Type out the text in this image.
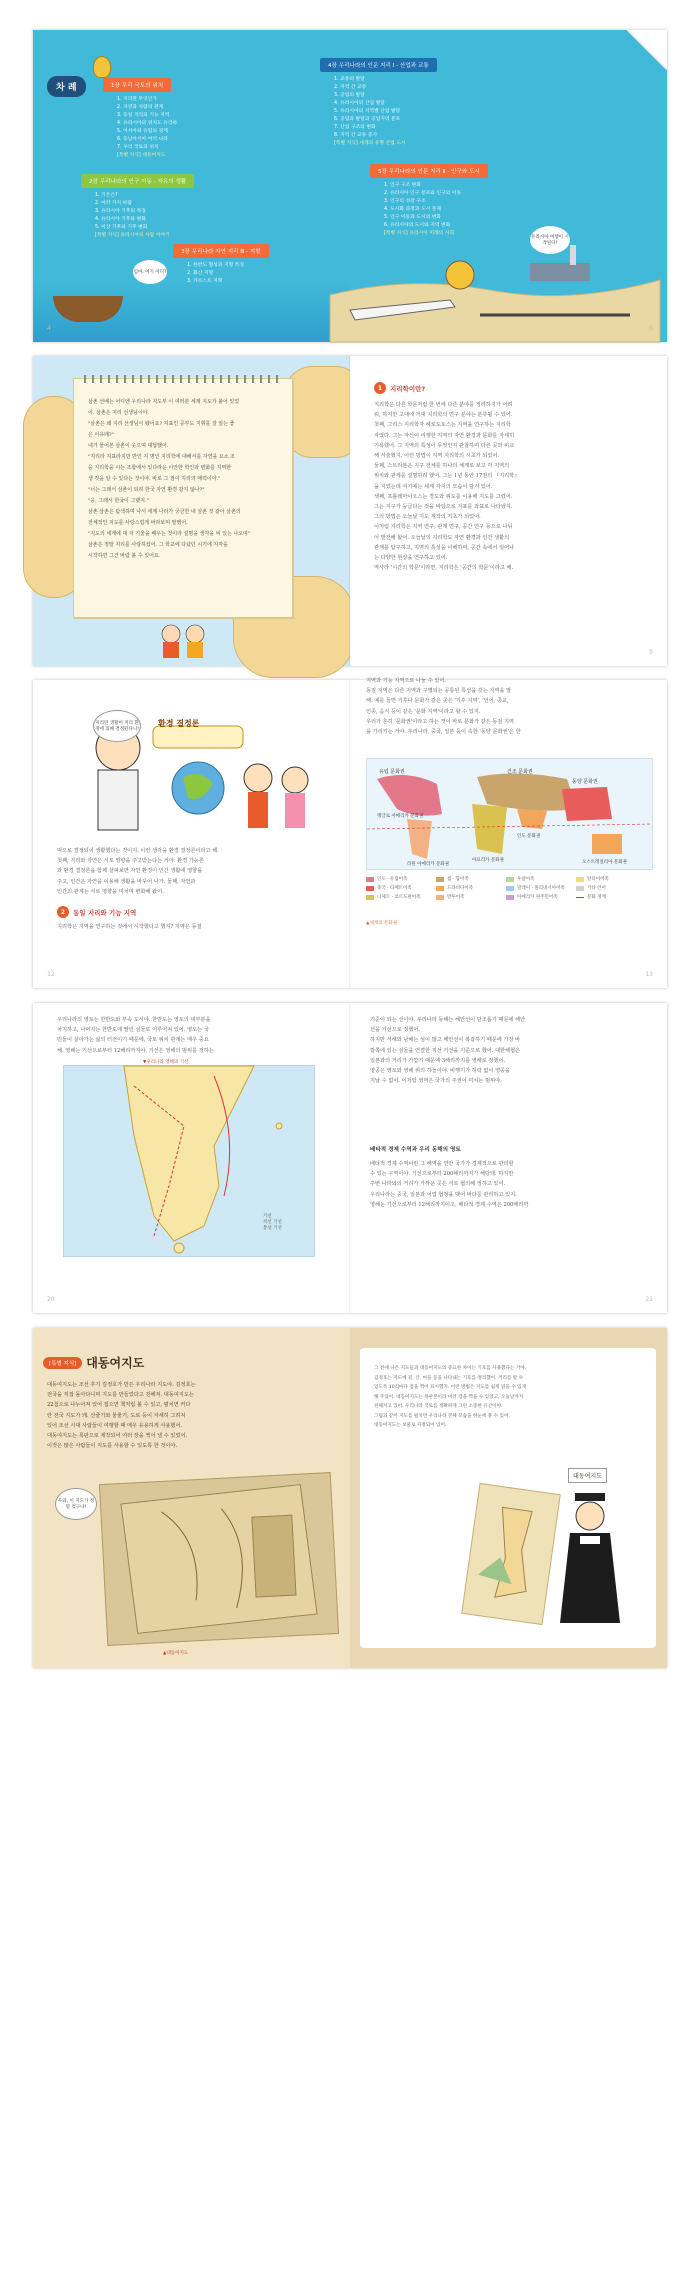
차 례	1장 우리 국토의 위치
1. 지리란 무엇인가
2. 자연과 사람의 관계
3. 동일 지리의 기능 지역
4. 유라시아의 위치도 유리하
5. 아시아와 유럽의 경계
6. 동남아시아 여러 나라
7. 우리 국토의 위치
[특별 지식] 대동여지도
2장 우리나라의 인구 이동 - 자유의 생활
1. 기온은?
2. 여러 가지 바람
3. 유라시아 기후의 특징
4. 유라시아 기후와 변화
5. 이상 기후와 기후 변화
[특별 지식] 유라시아의 사람 이야기
3장 우리나라 자연 지리 Ⅲ - 지형
1. 한반도 형성과 지형 특징
2. 화산 지형
엄마, 여기 어디?
4
4장 우리나라의 인문 지리 Ⅰ - 산업과 교통
1. 교통의 발달
2. 지역 간 교통
3. 공업의 발달
4. 유라시아의 산업 발달
5. 유라시아의 지역별 산업 발달
6. 공업과 발달과 공업지역 분포
7. 산업 구조의 변화
8. 지역 간 교류 증가
[특별 지식] 세계의 유명 산업 도시
5장 우리나라의 인문 지리 Ⅱ - 인구와 도시
1. 인구 구조 변화
2. 유라시아 인구 분포와 인구의 이동
3. 인구의 성장 구조
4. 도시화 과정과 도시 문제
5. 인구 이동과 도시의 변화
6. 유라시아의 도시와 지역 변화
[특별 지식] 유라시아 미래의 사회
유라시아 여행이 시작된다!
5
삼촌 선배는 어디엔 우리나라 지도부 이 여러분 세계 지도가 붙어 있었
어. 삼촌은 지리 선생님이야.
"삼촌은 왜 지리 선생님이 됐어요? 지표인 공부도 지휘를 잘 알는 좋
은 이유래?"
내가 물어본 삼촌이 웃으며 대답했어.
"지리라 지표라지만 반인 지 명인 지리학에 대해서를 자연을 요소 조
을 지리학을 시는 조합에서 있다라운 이안한 학인과 변화를 지역한
생 것을 알 수 있다는 것이야. 바로 그 점이 지리의 매력이야."
"너는 그래서 삼촌이 되려 한국 자연 환경 같지 않나?"
"응, 그래서 한국이 그랬지."
삼촌 삼촌은 탐색하며 나서 세계 나라가 궁금한 내 삼촌 것 같아 삼촌의
전체적인 지도를 사랑스럽게 바라보며 말했어.
"지도의 세계에 대 자 기울을 배우는 것이라 설명을 생각을 비 있는 나오며"
삼촌은 정말 지리를 사랑하셨어. 그 학교에 다녔던 시기에 지각을
시작하면 그건 바람 볼 수 있어요.
1	지리학이란?
지리학은 다른 학문처럼 한 번에 다른 분야를 정리하지가 어려
워, 하지만 고대에 거대 지리학의 연구 분야는 분류될 수 있어.
첫째, 그리스 지리학자 헤로도토스는 지역을 연구하는 지리학
자였다. 그는 자신이 여행한 지역의 자연 환경과 문화를 자세히
기록했어. 그 지역의 특성이 무엇인지 관찰하며 다른 곳과 비교
해 서술했지. 이런 방법이 지역 지리학의 시초가 되었어.
둘째, 스트라본은 지구 전체를 하나의 체계로 보고 각 지역의
위치와 관계를 설명하려 했어. 그는 1년 동안 17권의 『지리학』
을 지었는데 여기에는 세계 각지의 모습이 담겨 있어.
셋째, 프톨레마이오스는 경도와 위도를 이용해 지도를 그렸어.
그는 지구가 둥글다는 것을 바탕으로 지표를 좌표로 나타냈지.
그의 방법은 오늘날 지도 제작의 기초가 되었어.
이처럼 지리학은 지역 연구, 관계 연구, 공간 연구 등으로 나뉘
어 발전해 왔어. 오늘날의 지리학도 자연 환경과 인간 생활의
관계를 탐구하고, 지역의 특성을 이해하며, 공간 속에서 일어나
는 다양한 현상을 연구하고 있어.
역사라 '시간의 학문'이라면, 지리학은 '공간의 학문'이라고 해.
9
지리란 생활이 지리 환경에 의해 결정된다니!
환경 결정론
먹으로 결정되어 생활했다는 것이지. 이런 생각을 환경 결정론이라고 해.
첫째, 지리와 자연은 서로 영향을 주고받는다는 거야. 환경 가능론
과 환경 결정론을 함께 살펴보면 자연 환경이 인간 생활에 영향을
주고, 인간은 자연을 이용해 생활을 바꾸어 나가. 둘째, 자연과
인간의 관계는 서로 영향을 미치며 변화해 왔어.
2	동일 지리와 기능 지역
지리학은 지역을 연구하는 것에서 시작했다고 했지? 지역은 동질
12
지역과 기능 지역으로 나눌 수 있어.
동질 지역은 다른 지역과 구별되는 공통된 특성을 갖는 지역을 말
해. 예를 들면 기후나 문화가 같은 곳은 '기후 지역', '언어, 종교,
인종, 음식 등이 같은 '문화 지역'이라고 할 수 있지.
우리가 흔히 '문화권'이라고 하는 것이 바로 문화가 같은 동질 지역
을 가리키는 거야. 우리나라, 중국, 일본 등이 속한 '동양 문화권'은 한
유럽 문화권	건조 문화권
동양 문화권
앵글로 아메리카 문화권
라틴 아메리카 문화권
아프리카 문화권	오스트레일리아 문화권
인도 문화권
인도 · 유럽어족	셈 · 함어족	우랄어족	알타이어족
중국 · 티베트어족	드라비다어족	말레이 · 폴리네시아어족	기타 언어
니제르 · 코르도판어족	반투어족	아메리카 원주민어족	문화 경계
▲세계의 문화권
13
우리나라의 영토는 한반도와 부속 도서야. 한반도는 영토의 대부분을
차지하고, 나머지는 한반도에 딸린 섬들로 이루어져 있어. 영토는 국
민들이 살아가는 삶의 터전이기 때문에, 국토 위치 관계는 매우 중요
해. 영해는 기선으로부터 12해리까지야. 기선은 영해의 범위를 정하는
▼우리나라 영해의 기선
기선
직선 기선
통상 기선
20
기준이 되는 선이야. 우리나라 동해는 해안선이 단조롭기 때문에 해안
선을 기선으로 정했어.
하지만 서해와 남해는 섬이 많고 해안선이 복잡하기 때문에 가장 바
깥쪽에 있는 섬들을 연결한 직선 기선을 기준으로 했어. 대한해협은
일본과의 거리가 가깝기 때문에 3해리까지를 영해로 정했어.
영공은 영토와 영해 위의 하늘이야. 비행기가 허락 없이 영공을
지날 수 없어. 이처럼 영역은 국가의 주권이 미치는 범위야.
배타적 경제 수역과 우리 동해의 영토
배타적 경제 수역이란 그 해역을 연안 국가가 경제적으로 관리할
수 있는 구역이야. 기선으로부터 200해리까지가 해당돼. 하지만
주변 나라와의 거리가 가까운 곳은 서로 협의해 정하고 있어.
우리나라는 중국, 일본과 어업 협정을 맺어 바다를 관리하고 있지.
영해는 기선으로부터 12해리까지이고, 배타적 경제 수역은 200해리까
21
[특별 지식] 대동여지도
대동여지도는 조선 후기 김정호가 만든 우리나라 지도야. 김정호는
전국을 직접 돌아다니며 지도를 만들었다고 전해져. 대동여지도는
22첩으로 나누어져 있어 접으면 책처럼 볼 수 있고, 펼치면 커다
란 전국 지도가 돼. 산줄기와 물줄기, 도로 등이 자세히 그려져
있어 조선 시대 사람들이 여행할 때 매우 유용하게 사용했어.
대동여지도는 목판으로 제작되어 여러 장을 찍어 낼 수 있었어.
이것은 많은 사람들이 지도를 사용할 수 있도록 한 것이야.
우와, 이 지도가 정말 컸구나!
▲대동여지도
그 전에 나온 지도들과 대동여지도의 중요한 차이는 기호를 사용했다는 거야.
김정호는 지도에 길, 산, 마을 등을 나타내는 기호를 정리했어. 거리를 알 수
있도록 10리마다 점을 찍어 표시했지. 이런 방법은 지도를 쉽게 읽을 수 있게
해 주었어. 대동여지도는 목판본이라 여러 장을 찍을 수 있었고, 오늘날까지
전해지고 있어. 우리나라 국토를 정확하게 그린 소중한 유산이야.
그림과 같이 지도를 펼치면 우리나라 전체 모습을 한눈에 볼 수 있어.
대동여지도는 보물로 지정되어 있어.
대동여지도
